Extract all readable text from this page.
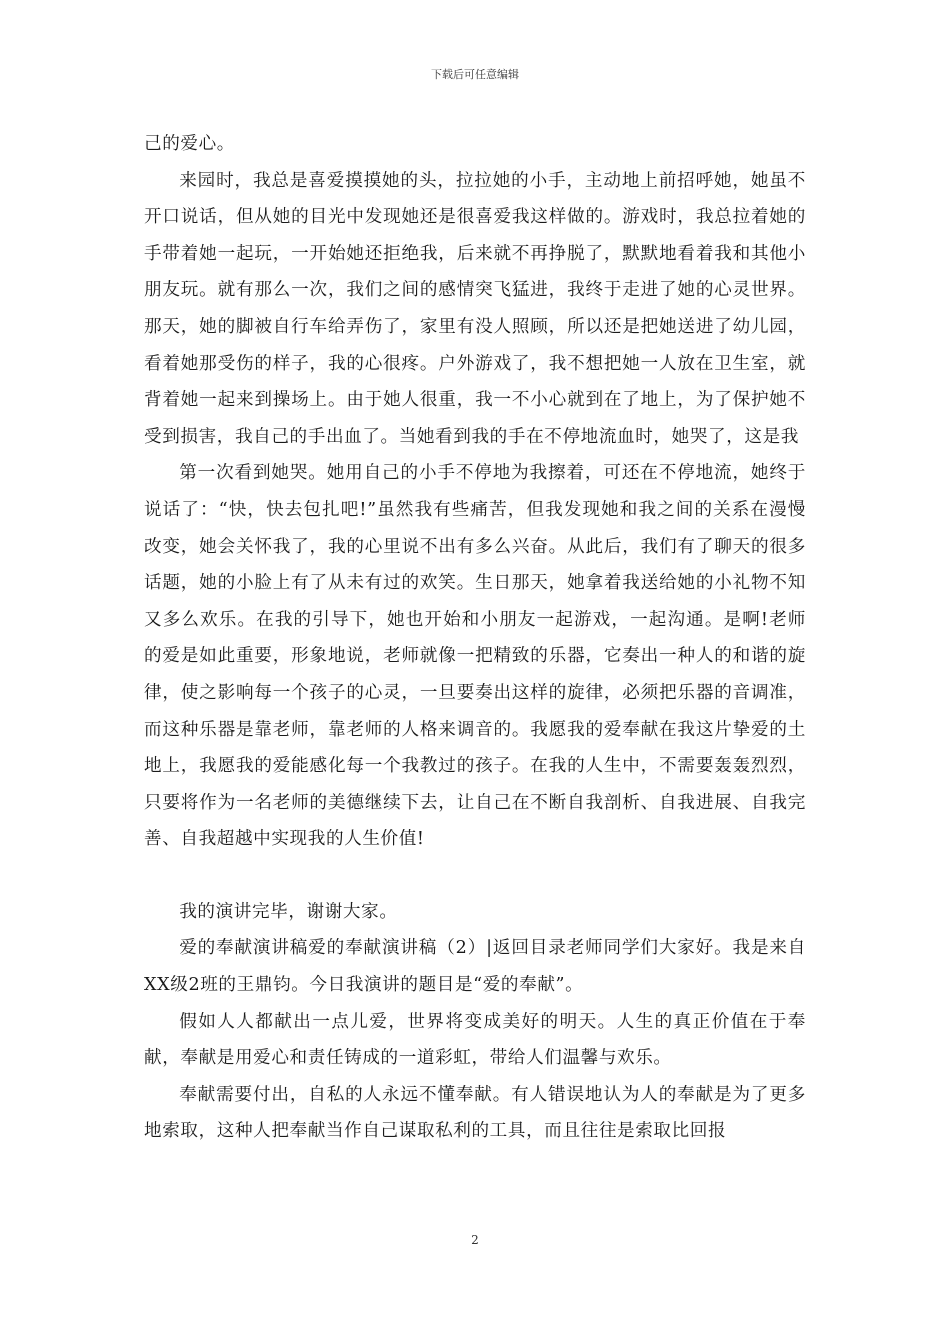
下载后可任意编辑

己的爱心。

来园时，我总是喜爱摸摸她的头，拉拉她的小手，主动地上前招呼她，她虽不开口说话，但从她的目光中发现她还是很喜爱我这样做的。游戏时，我总拉着她的手带着她一起玩，一开始她还拒绝我，后来就不再挣脱了，默默地看着我和其他小朋友玩。就有那么一次，我们之间的感情突飞猛进，我终于走进了她的心灵世界。那天，她的脚被自行车给弄伤了，家里有没人照顾，所以还是把她送进了幼儿园，看着她那受伤的样子，我的心很疼。户外游戏了，我不想把她一人放在卫生室，就背着她一起来到操场上。由于她人很重，我一不小心就到在了地上，为了保护她不受到损害，我自己的手出血了。当她看到我的手在不停地流血时，她哭了，这是我

第一次看到她哭。她用自己的小手不停地为我擦着，可还在不停地流，她终于说话了：“快，快去包扎吧!”虽然我有些痛苦，但我发现她和我之间的关系在漫慢改变，她会关怀我了，我的心里说不出有多么兴奋。从此后，我们有了聊天的很多话题，她的小脸上有了从未有过的欢笑。生日那天，她拿着我送给她的小礼物不知又多么欢乐。在我的引导下，她也开始和小朋友一起游戏，一起沟通。是啊!老师的爱是如此重要，形象地说，老师就像一把精致的乐器，它奏出一种人的和谐的旋律，使之影响每一个孩子的心灵，一旦要奏出这样的旋律，必须把乐器的音调准，而这种乐器是靠老师，靠老师的人格来调音的。我愿我的爱奉献在我这片挚爱的土地上，我愿我的爱能感化每一个我教过的孩子。在我的人生中，不需要轰轰烈烈，只要将作为一名老师的美德继续下去，让自己在不断自我剖析、自我进展、自我完善、自我超越中实现我的人生价值!

我的演讲完毕，谢谢大家。

爱的奉献演讲稿爱的奉献演讲稿（2）|返回目录老师同学们大家好。我是来自XX级2班的王鼎钧。今日我演讲的题目是“爱的奉献”。

假如人人都献出一点儿爱，世界将变成美好的明天。人生的真正价值在于奉献，奉献是用爱心和责任铸成的一道彩虹，带给人们温馨与欢乐。

奉献需要付出，自私的人永远不懂奉献。有人错误地认为人的奉献是为了更多地索取，这种人把奉献当作自己谋取私利的工具，而且往往是索取比回报

2
